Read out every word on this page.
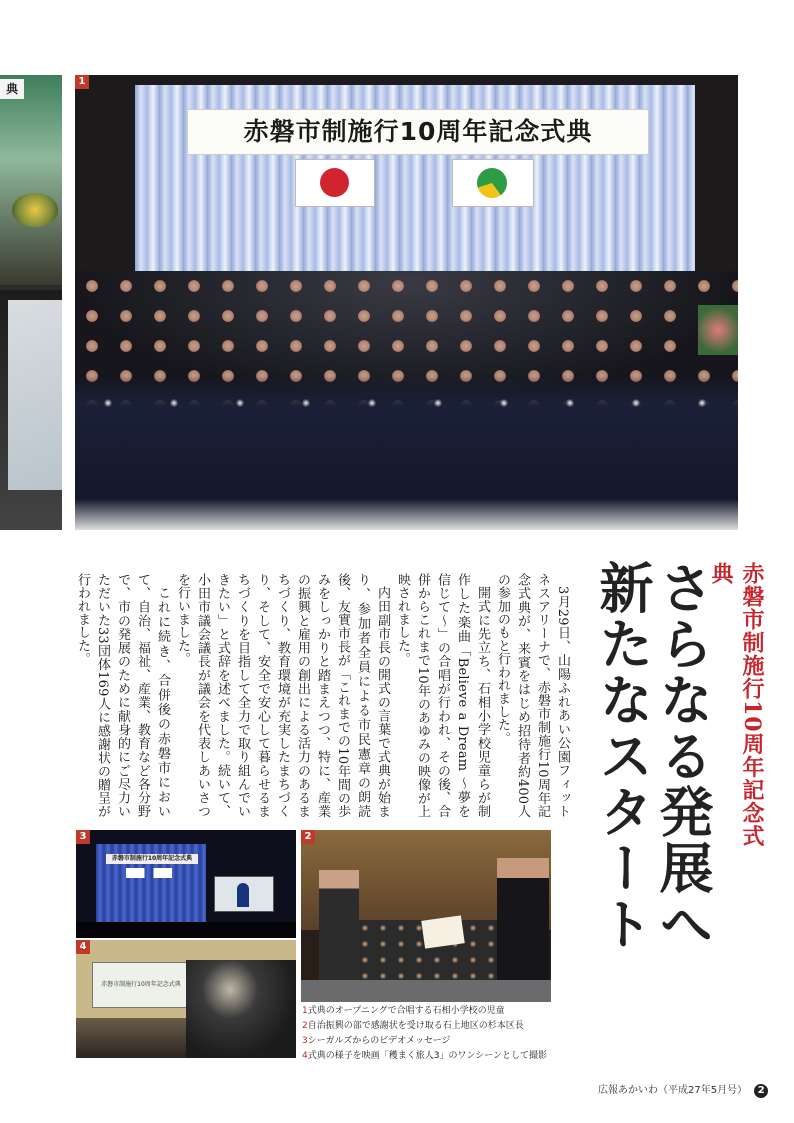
典
1
赤磐市制施行10周年記念式典
赤磐市制施行10周年記念式典
さらなる発展へ
新たなスタート

3月29日、山陽ふれあい公園フィットネスアリーナで、赤磐市制施行10周年記念式典が、来賓をはじめ招待者約400人の参加のもと行われました。

開式に先立ち、石相小学校児童らが制作した楽曲「Believe a Dream ～夢を信じて～」の合唱が行われ、その後、合併からこれまで10年のあゆみの映像が上映されました。

内田副市長の開式の言葉で式典が始まり、参加者全員による市民憲章の朗読後、友實市長が「これまでの10年間の歩みをしっかりと踏まえつつ、特に、産業の振興と雇用の創出による活力のあるまちづくり、教育環境が充実したまちづくり、そして、安全で安心して暮らせるまちづくりを目指して全力で取り組んでいきたい」と式辞を述べました。続いて、小田市議会議長が議会を代表しあいさつを行いました。

これに続き、合併後の赤磐市において、自治、福祉、産業、教育など各分野で、市の発展のために献身的にご尽力いただいた33団体169人に感謝状の贈呈が行われました。

3
赤磐市制施行10周年記念式典
4
赤磐市制施行10周年記念式典
2
1式典のオープニングで合唱する石相小学校の児童
2自治振興の部で感謝状を受け取る石上地区の杉本区長
3シーガルズからのビデオメッセージ
4式典の様子を映画「穫まく旅人3」のワンシーンとして撮影
広報あかいわ（平成27年5月号） 2
